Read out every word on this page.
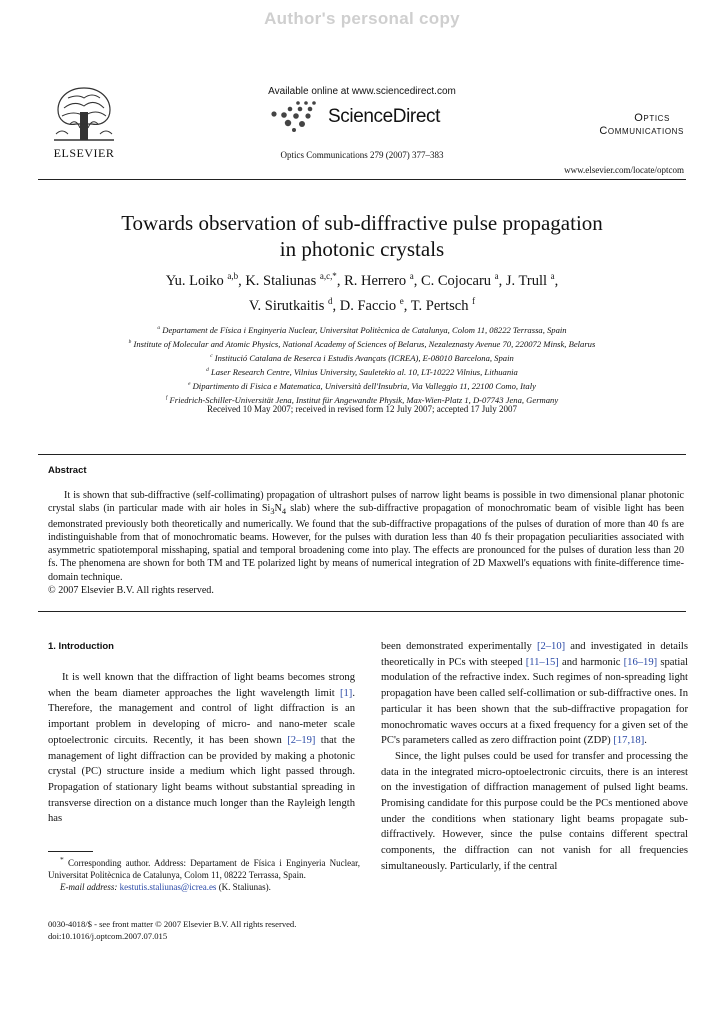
Author's personal copy
ELSEVIER
Available online at www.sciencedirect.com
ScienceDirect	Optics
Communications
Optics Communications 279 (2007) 377–383
www.elsevier.com/locate/optcom
Towards observation of sub-diffractive pulse propagation
in photonic crystals
Yu. Loiko $^{a,b}$, K. Staliunas $^{a,c,*}$, R. Herrero $^a$, C. Cojocaru $^a$, J. Trull $^a$,
V. Sirutkaitis $^d$, D. Faccio $^e$, T. Pertsch $^f$
$^a$ Departament de Física i Enginyeria Nuclear, Universitat Politècnica de Catalunya, Colom 11, 08222 Terrassa, Spain
$^b$ Institute of Molecular and Atomic Physics, National Academy of Sciences of Belarus, Nezaleznasty Avenue 70, 220072 Minsk, Belarus
$^c$ Institució Catalana de Reserca i Estudis Avançats (ICREA), E-08010 Barcelona, Spain
$^d$ Laser Research Centre, Vilnius University, Sauletekio al. 10, LT-10222 Vilnius, Lithuania
$^e$ Dipartimento di Fisica e Matematica, Università dell'Insubria, Via Valleggio 11, 22100 Como, Italy
$^f$ Friedrich-Schiller-Universität Jena, Institut für Angewandte Physik, Max-Wien-Platz 1, D-07743 Jena, Germany
Received 10 May 2007; received in revised form 12 July 2007; accepted 17 July 2007
Abstract
It is shown that sub-diffractive (self-collimating) propagation of ultrashort pulses of narrow light beams is possible in two dimensional planar photonic crystal slabs (in particular made with air holes in $Si_3N_4$ slab) where the sub-diffractive propagation of monochromatic beam of visible light has been demonstrated previously both theoretically and numerically. We found that the sub-diffractive propagations of the pulses of duration of more than 40 fs are indistinguishable from that of monochromatic beams. However, for the pulses with duration less than 40 fs their propagation peculiarities associated with asymmetric spatiotemporal misshaping, spatial and temporal broadening come into play. The effects are pronounced for the pulses of duration less than 20 fs. The phenomena are shown for both TM and TE polarized light by means of numerical integration of 2D Maxwell's equations with finite-difference time-domain technique.
© 2007 Elsevier B.V. All rights reserved.
1. Introduction

It is well known that the diffraction of light beams becomes strong when the beam diameter approaches the light wavelength limit [1]. Therefore, the management and control of light diffraction is an important problem in developing of micro- and nano-meter scale optoelectronic circuits. Recently, it has been shown [2–19] that the management of light diffraction can be provided by making a photonic crystal (PC) structure inside a medium which light passed through. Propagation of stationary light beams without substantial spreading in transverse direction on a distance much longer than the Rayleigh length has

been demonstrated experimentally [2–10] and investigated in details theoretically in PCs with steeped [11–15] and harmonic [16–19] spatial modulation of the refractive index. Such regimes of non-spreading light propagation have been called self-collimation or sub-diffractive ones. In particular it has been shown that the sub-diffractive propagation for monochromatic waves occurs at a fixed frequency for a given set of the PC's parameters called as zero diffraction point (ZDP) [17,18].

Since, the light pulses could be used for transfer and processing the data in the integrated micro-optoelectronic circuits, there is an interest on the investigation of diffraction management of pulsed light beams. Promising candidate for this purpose could be the PCs mentioned above under the conditions when stationary light beams propagate sub-diffractively. However, since the pulse contains different spectral components, the diffraction can not vanish for all frequencies simultaneously. Particularly, if the central

* Corresponding author. Address: Departament de Física i Enginyeria Nuclear, Universitat Politècnica de Catalunya, Colom 11, 08222 Terrassa, Spain.

E-mail address: kestutis.staliunas@icrea.es (K. Staliunas).

0030-4018/$ - see front matter © 2007 Elsevier B.V. All rights reserved.
doi:10.1016/j.optcom.2007.07.015
